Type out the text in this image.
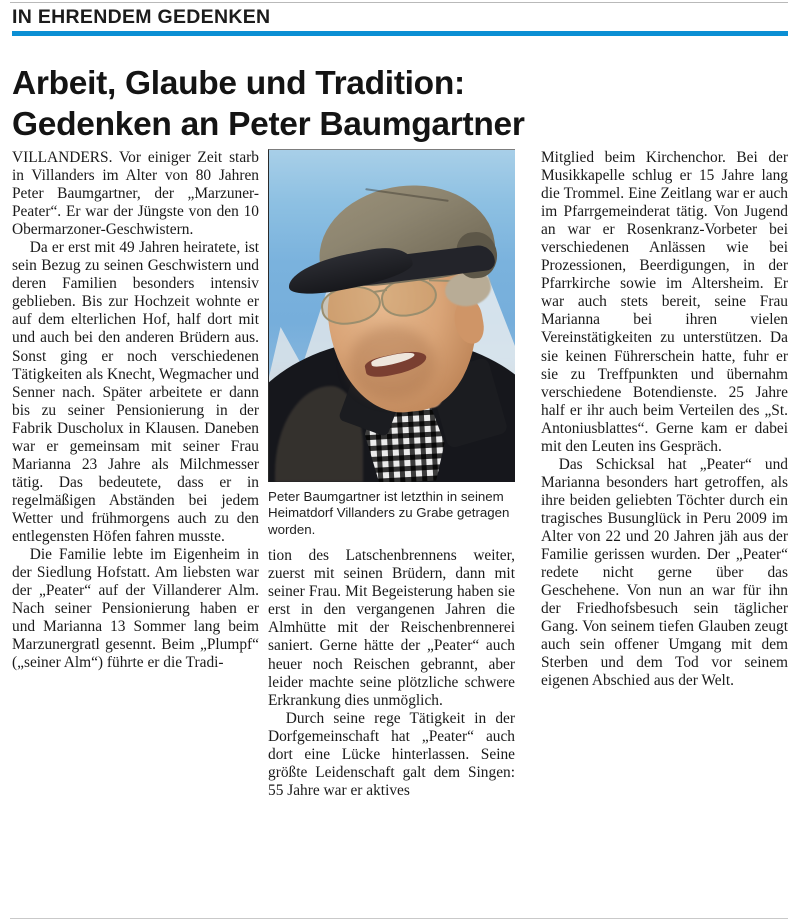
IN EHRENDEM GEDENKEN
Arbeit, Glaube und Tradition:
Gedenken an Peter Baumgartner

VILLANDERS. Vor einiger Zeit starb in Villanders im Alter von 80 Jahren Peter Baumgartner, der „Marzuner-Peater“. Er war der Jüngste von den 10 Obermarzoner-Geschwistern.

Da er erst mit 49 Jahren heiratete, ist sein Bezug zu seinen Geschwistern und deren Familien besonders intensiv geblieben. Bis zur Hochzeit wohnte er auf dem elterlichen Hof, half dort mit und auch bei den anderen Brüdern aus. Sonst ging er noch verschiedenen Tätigkeiten als Knecht, Wegmacher und Senner nach. Später arbeitete er dann bis zu seiner Pensionierung in der Fabrik Duscholux in Klausen. Daneben war er gemeinsam mit seiner Frau Marianna 23 Jahre als Milchmesser tätig. Das bedeutete, dass er in regelmäßigen Abständen bei jedem Wetter und frühmorgens auch zu den entlegensten Höfen fahren musste.

Die Familie lebte im Eigenheim in der Siedlung Hofstatt. Am liebsten war der „Peater“ auf der Villanderer Alm. Nach seiner Pensionierung haben er und Marianna 13 Sommer lang beim Marzunergratl gesennt. Beim „Plumpf“ („seiner Alm“) führte er die Tradi-

Peter Baumgartner ist letzthin in seinem Heimatdorf Villanders zu Grabe getragen worden.

tion des Latschenbrennens weiter, zuerst mit seinen Brüdern, dann mit seiner Frau. Mit Begeisterung haben sie erst in den vergangenen Jahren die Almhütte mit der Reischenbrennerei saniert. Gerne hätte der „Peater“ auch heuer noch Reischen gebrannt, aber leider machte seine plötzliche schwere Erkrankung dies unmöglich.

Durch seine rege Tätigkeit in der Dorfgemeinschaft hat „Peater“ auch dort eine Lücke hinterlassen. Seine größte Leidenschaft galt dem Singen: 55 Jahre war er aktives

Mitglied beim Kirchenchor. Bei der Musikkapelle schlug er 15 Jahre lang die Trommel. Eine Zeitlang war er auch im Pfarrgemeinderat tätig. Von Jugend an war er Rosenkranz-Vorbeter bei verschiedenen Anlässen wie bei Prozessionen, Beerdigungen, in der Pfarrkirche sowie im Altersheim. Er war auch stets bereit, seine Frau Marianna bei ihren vielen Vereinstätigkeiten zu unterstützen. Da sie keinen Führerschein hatte, fuhr er sie zu Treffpunkten und übernahm verschiedene Botendienste. 25 Jahre half er ihr auch beim Verteilen des „St. Antoniusblattes“. Gerne kam er dabei mit den Leuten ins Gespräch.

Das Schicksal hat „Peater“ und Marianna besonders hart getroffen, als ihre beiden geliebten Töchter durch ein tragisches Busunglück in Peru 2009 im Alter von 22 und 20 Jahren jäh aus der Familie gerissen wurden. Der „Peater“ redete nicht gerne über das Geschehene. Von nun an war für ihn der Friedhofsbesuch sein täglicher Gang. Von seinem tiefen Glauben zeugt auch sein offener Umgang mit dem Sterben und dem Tod vor seinem eigenen Abschied aus der Welt.
